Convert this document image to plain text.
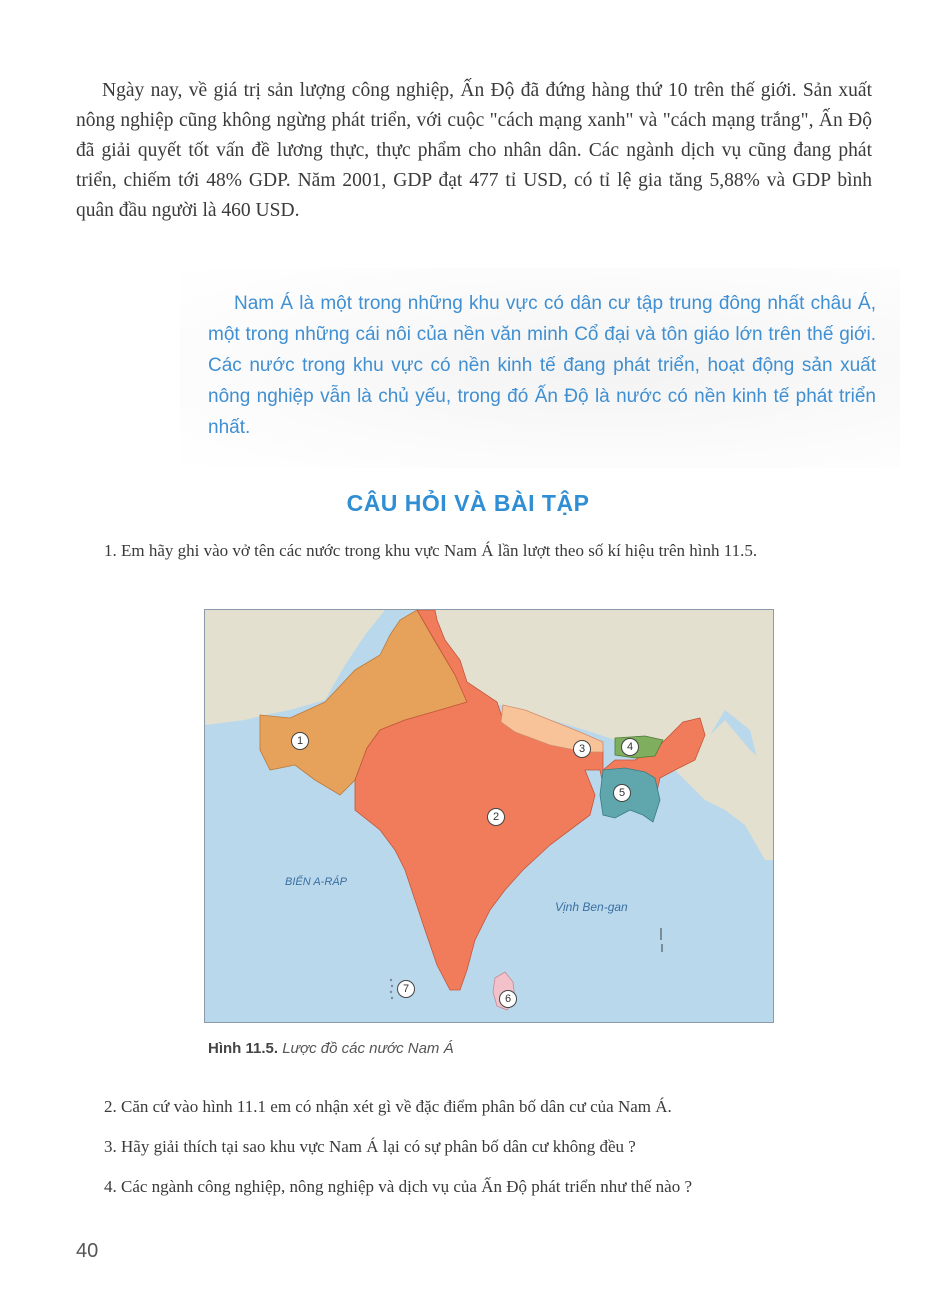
Ngày nay, về giá trị sản lượng công nghiệp, Ấn Độ đã đứng hàng thứ 10 trên thế giới. Sản xuất nông nghiệp cũng không ngừng phát triển, với cuộc "cách mạng xanh" và "cách mạng trắng", Ấn Độ đã giải quyết tốt vấn đề lương thực, thực phẩm cho nhân dân. Các ngành dịch vụ cũng đang phát triển, chiếm tới 48% GDP. Năm 2001, GDP đạt 477 tỉ USD, có tỉ lệ gia tăng 5,88% và GDP bình quân đầu người là 460 USD.

Nam Á là một trong những khu vực có dân cư tập trung đông nhất châu Á, một trong những cái nôi của nền văn minh Cổ đại và tôn giáo lớn trên thế giới. Các nước trong khu vực có nền kinh tế đang phát triển, hoạt động sản xuất nông nghiệp vẫn là chủ yếu, trong đó Ấn Độ là nước có nền kinh tế phát triển nhất.
CÂU HỎI VÀ BÀI TẬP
1. Em hãy ghi vào vở tên các nước trong khu vực Nam Á lần lượt theo số kí hiệu trên hình 11.5.
BIỂN A-RÁP
Vịnh Ben-gan
1
2
3	4
5
6
7
Hình 11.5. Lược đồ các nước Nam Á
2. Căn cứ vào hình 11.1 em có nhận xét gì về đặc điểm phân bố dân cư của Nam Á.
3. Hãy giải thích tại sao khu vực Nam Á lại có sự phân bố dân cư không đều ?
4. Các ngành công nghiệp, nông nghiệp và dịch vụ của Ấn Độ phát triển như thế nào ?
40
